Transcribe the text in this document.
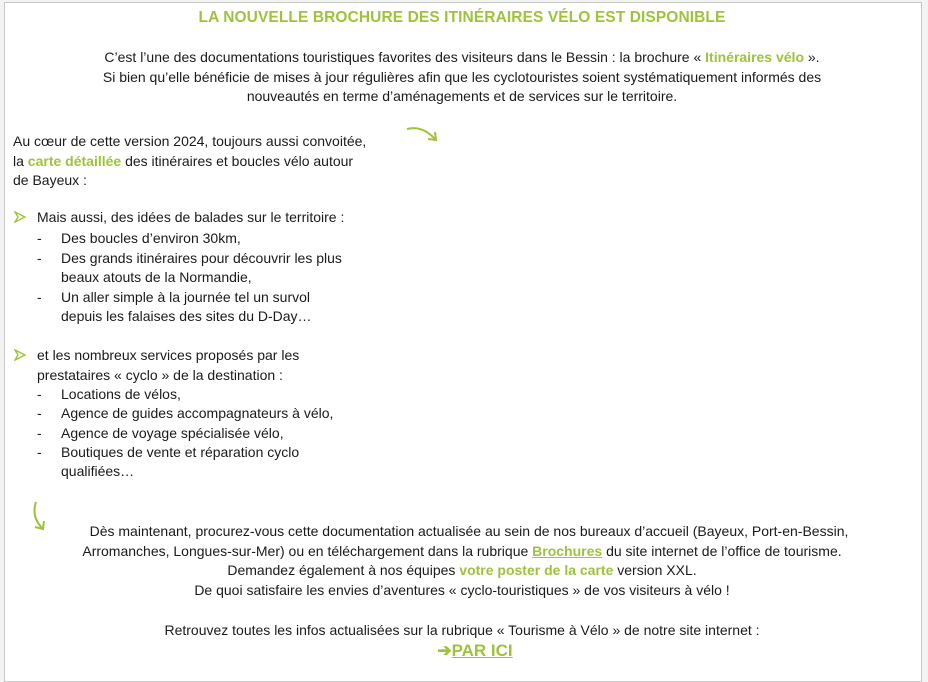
LA NOUVELLE BROCHURE DES ITINÉRAIRES VÉLO EST DISPONIBLE
C’est l’une des documentations touristiques favorites des visiteurs dans le Bessin : la brochure « Itinéraires vélo ».
Si bien qu’elle bénéficie de mises à jour régulières afin que les cyclotouristes soient systématiquement informés des
nouveautés en terme d’aménagements et de services sur le territoire.
Au cœur de cette version 2024, toujours aussi convoitée,
la carte détaillée des itinéraires et boucles vélo autour
de Bayeux :
Mais aussi, des idées de balades sur le territoire :
- Des boucles d’environ 30km,
- Des grands itinéraires pour découvrir les plus
beaux atouts de la Normandie,
- Un aller simple à la journée tel un survol
depuis les falaises des sites du D-Day…
et les nombreux services proposés par les
prestataires « cyclo » de la destination :
- Locations de vélos,
- Agence de guides accompagnateurs à vélo,
- Agence de voyage spécialisée vélo,
- Boutiques de vente et réparation cyclo
qualifiées…
Dès maintenant, procurez-vous cette documentation actualisée au sein de nos bureaux d’accueil (Bayeux, Port-en-Bessin,
Arromanches, Longues-sur-Mer) ou en téléchargement dans la rubrique Brochures du site internet de l’office de tourisme.
Demandez également à nos équipes votre poster de la carte version XXL.
De quoi satisfaire les envies d’aventures « cyclo-touristiques » de vos visiteurs à vélo !
Retrouvez toutes les infos actualisées sur la rubrique « Tourisme à Vélo » de notre site internet :
➔PAR ICI
